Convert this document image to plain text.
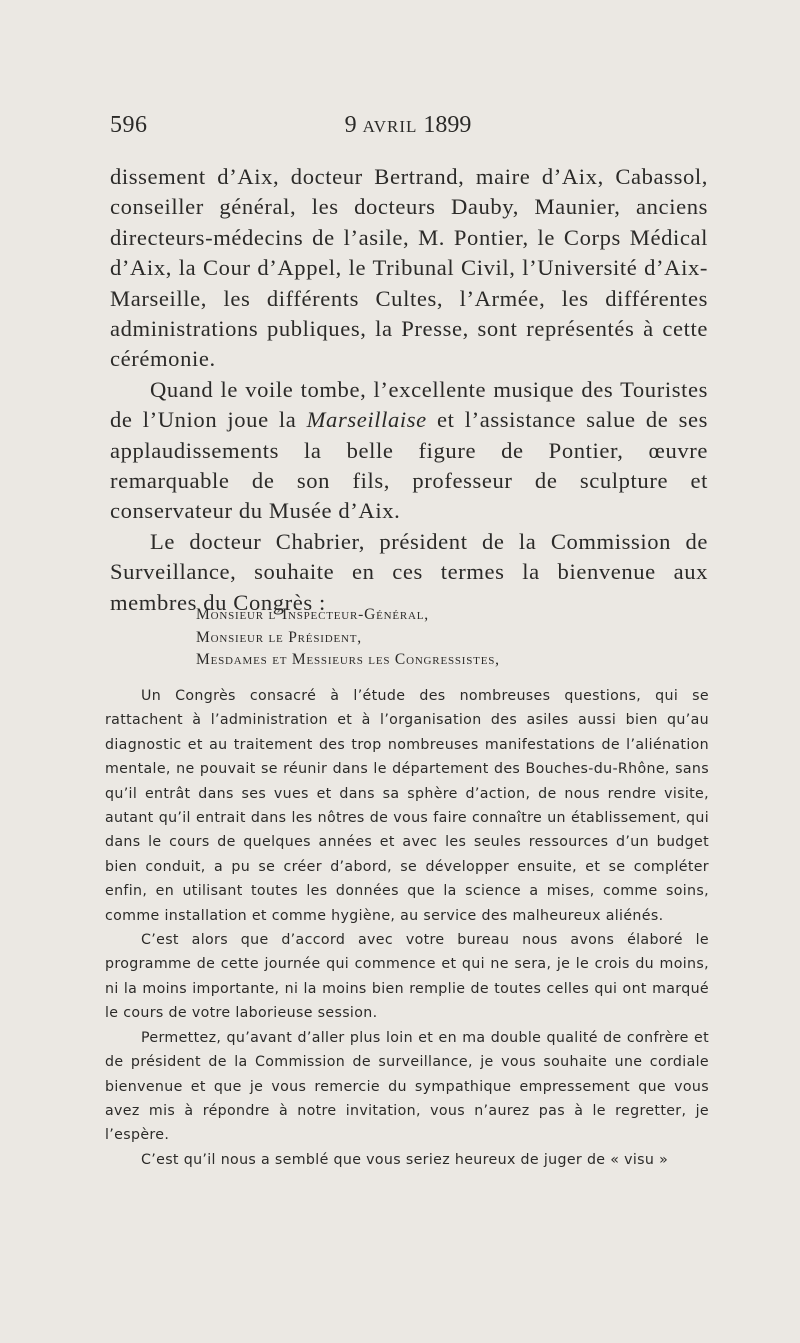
596	9 avril 1899

dissement d’Aix, docteur Bertrand, maire d’Aix, Cabassol, conseiller général, les docteurs Dauby, Maunier, anciens directeurs-médecins de l’asile, M. Pontier, le Corps Médical d’Aix, la Cour d’Appel, le Tribunal Civil, l’Université d’Aix-Marseille, les différents Cultes, l’Armée, les différentes administrations publiques, la Presse, sont représentés à cette cérémonie.

Quand le voile tombe, l’excellente musique des Touristes de l’Union joue la Marseillaise et l’assistance salue de ses applaudissements la belle figure de Pontier, œuvre remarquable de son fils, professeur de sculpture et conservateur du Musée d’Aix.

Le docteur Chabrier, président de la Commission de Surveillance, souhaite en ces termes la bienvenue aux membres du Congrès :

Monsieur l’Inspecteur-Général,
Monsieur le Président,
Mesdames et Messieurs les Congressistes,

Un Congrès consacré à l’étude des nombreuses questions, qui se rattachent à l’administration et à l’organisation des asiles aussi bien qu’au diagnostic et au traitement des trop nombreuses manifestations de l’aliénation mentale, ne pouvait se réunir dans le département des Bouches-du-Rhône, sans qu’il entrât dans ses vues et dans sa sphère d’action, de nous rendre visite, autant qu’il entrait dans les nôtres de vous faire connaître un établissement, qui dans le cours de quelques années et avec les seules ressources d’un budget bien conduit, a pu se créer d’abord, se développer ensuite, et se compléter enfin, en utilisant toutes les données que la science a mises, comme soins, comme installation et comme hygiène, au service des malheureux aliénés.

C’est alors que d’accord avec votre bureau nous avons élaboré le programme de cette journée qui commence et qui ne sera, je le crois du moins, ni la moins importante, ni la moins bien remplie de toutes celles qui ont marqué le cours de votre laborieuse session.

Permettez, qu’avant d’aller plus loin et en ma double qualité de confrère et de président de la Commission de surveillance, je vous souhaite une cordiale bienvenue et que je vous remercie du sympathique empressement que vous avez mis à répondre à notre invitation, vous n’aurez pas à le regretter, je l’espère.

C’est qu’il nous a semblé que vous seriez heureux de juger de « visu »
